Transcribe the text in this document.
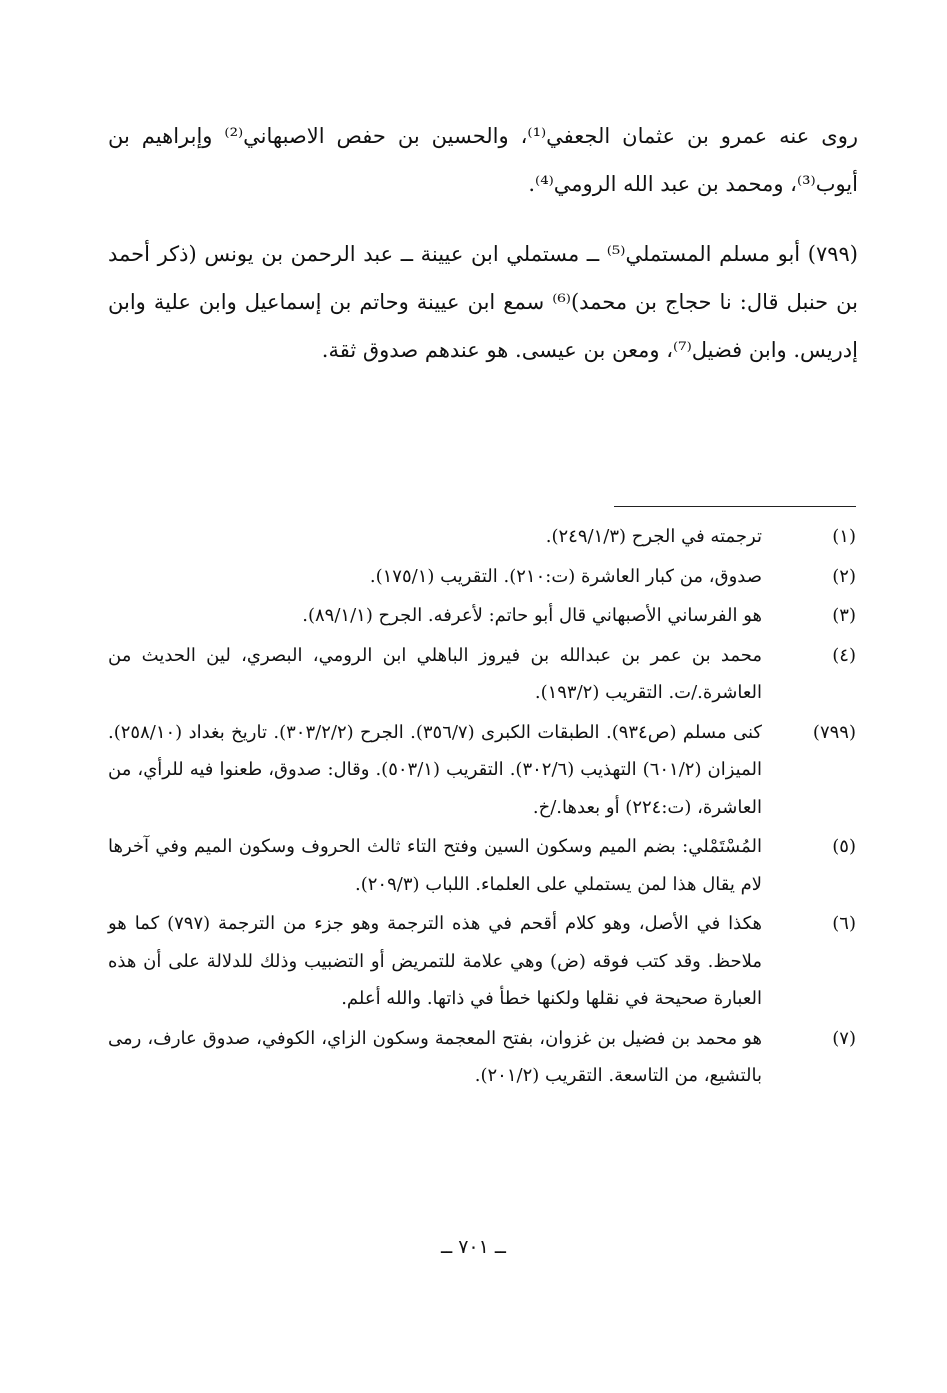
روى عنه عمرو بن عثمان الجعفي⁽¹⁾، والحسين بن حفص الاصبهاني⁽²⁾ وإبراهيم بن أيوب⁽³⁾، ومحمد بن عبد الله الرومي⁽⁴⁾.

(٧٩٩) أبو مسلم المستملي⁽⁵⁾ ــ مستملي ابن عيينة ــ عبد الرحمن بن يونس (ذكر أحمد بن حنبل قال: نا حجاج بن محمد)⁽⁶⁾ سمع ابن عيينة وحاتم بن إسماعيل وابن علية وابن إدريس. وابن فضيل⁽⁷⁾، ومعن بن عيسى. هو عندهم صدوق ثقة.

(١)
ترجمته في الجرح (٢٤٩/١/٣).
(٢)
صدوق، من كبار العاشرة (ت:٢١٠). التقريب (١٧٥/١).
(٣)
هو الفرساني الأصبهاني قال أبو حاتم: لأعرفه. الجرح (٨٩/١/١).
(٤)
محمد بن عمر بن عبدالله بن فيروز الباهلي ابن الرومي، البصري، لين الحديث من العاشرة./ت. التقريب (١٩٣/٢).
(٧٩٩)
كنى مسلم (ص٩٣٤). الطبقات الكبرى (٣٥٦/٧). الجرح (٣٠٣/٢/٢). تاريخ بغداد (٢٥٨/١٠). الميزان (٦٠١/٢) التهذيب (٣٠٢/٦). التقريب (٥٠٣/١). وقال: صدوق، طعنوا فيه للرأي، من العاشرة، (ت:٢٢٤) أو بعدها./خ.
(٥)
المُسْتَمْلي: بضم الميم وسكون السين وفتح التاء ثالث الحروف وسكون الميم وفي آخرها لام يقال هذا لمن يستملي على العلماء. اللباب (٢٠٩/٣).
(٦)
هكذا في الأصل، وهو كلام أقحم في هذه الترجمة وهو جزء من الترجمة (٧٩٧) كما هو ملاحظ. وقد كتب فوقه (ض) وهي علامة للتمريض أو التضبيب وذلك للدلالة على أن هذه العبارة صحيحة في نقلها ولكنها خطأ في ذاتها. والله أعلم.
(٧)
هو محمد بن فضيل بن غزوان، بفتح المعجمة وسكون الزاي، الكوفي، صدوق عارف، رمى بالتشيع، من التاسعة. التقريب (٢٠١/٢).
ــ ٧٠١ ــ
